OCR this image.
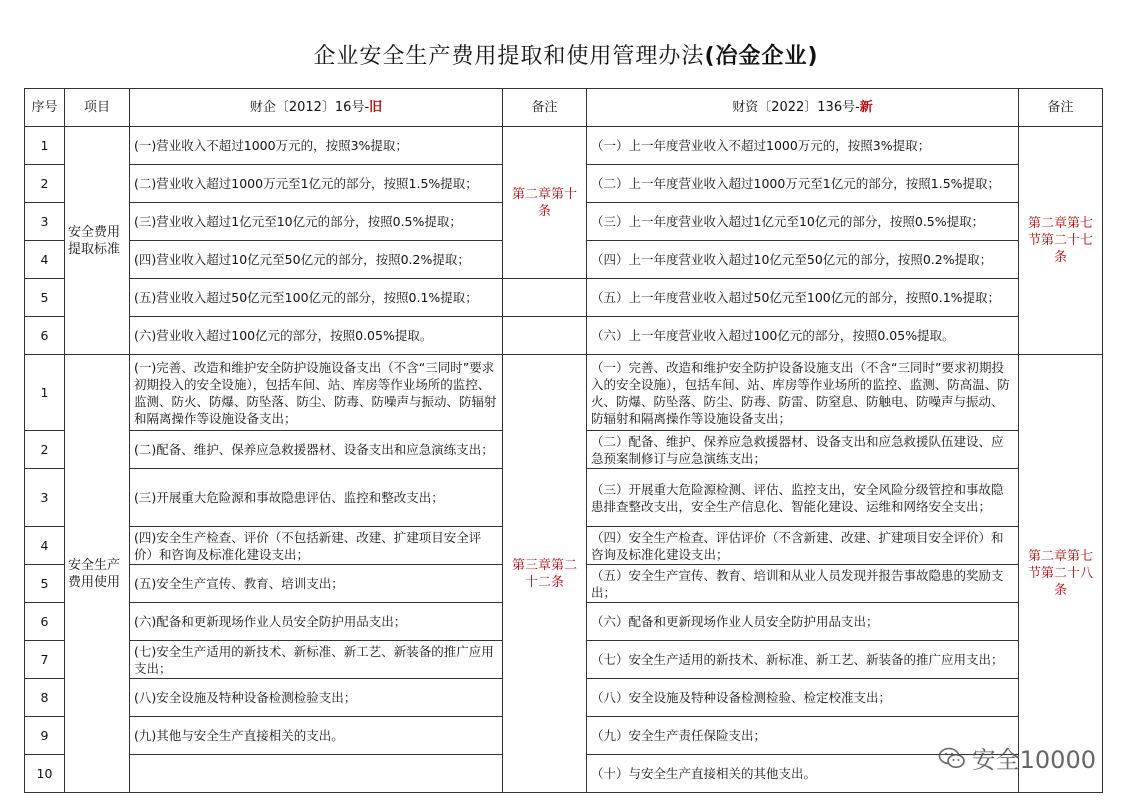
企业安全生产费用提取和使用管理办法(冶金企业)
序号	项目	财企〔2012〕16号-旧	备注	财资〔2022〕136号-新	备注
1	安全费用提取标准	(一)营业收入不超过1000万元的，按照3%提取；	第二章第十条	（一）上一年度营业收入不超过1000万元的，按照3%提取；	第二章第七节第二十七条
2		(二)营业收入超过1000万元至1亿元的部分，按照1.5%提取；		（二）上一年度营业收入超过1000万元至1亿元的部分，按照1.5%提取；	
3		(三)营业收入超过1亿元至10亿元的部分，按照0.5%提取；		（三）上一年度营业收入超过1亿元至10亿元的部分，按照0.5%提取；	
4		(四)营业收入超过10亿元至50亿元的部分，按照0.2%提取；		（四）上一年度营业收入超过10亿元至50亿元的部分，按照0.2%提取；	
5		(五)营业收入超过50亿元至100亿元的部分，按照0.1%提取；		（五）上一年度营业收入超过50亿元至100亿元的部分，按照0.1%提取；	
6		(六)营业收入超过100亿元的部分，按照0.05%提取。		（六）上一年度营业收入超过100亿元的部分，按照0.05%提取。	
1	安全生产费用使用	(一)完善、改造和维护安全防护设施设备支出（不含“三同时”要求初期投入的安全设施），包括车间、站、库房等作业场所的监控、监测、防火、防爆、防坠落、防尘、防毒、防噪声与振动、防辐射和隔离操作等设施设备支出；	第三章第二十二条	（一）完善、改造和维护安全防护设备设施支出（不含“三同时”要求初期投入的安全设施），包括车间、站、库房等作业场所的监控、监测、防高温、防火、防爆、防坠落、防尘、防毒、防雷、防窒息、防触电、防噪声与振动、防辐射和隔离操作等设施设备支出；	第二章第七节第二十八条
2		(二)配备、维护、保养应急救援器材、设备支出和应急演练支出；		（二）配备、维护、保养应急救援器材、设备支出和应急救援队伍建设、应急预案制修订与应急演练支出；	
3		(三)开展重大危险源和事故隐患评估、监控和整改支出；		（三）开展重大危险源检测、评估、监控支出，安全风险分级管控和事故隐患排查整改支出，安全生产信息化、智能化建设、运维和网络安全支出；	
4		(四)安全生产检查、评价（不包括新建、改建、扩建项目安全评价）和咨询及标准化建设支出；		（四）安全生产检查、评估评价（不含新建、改建、扩建项目安全评价）和咨询及标准化建设支出；	
5		(五)安全生产宣传、教育、培训支出；		（五）安全生产宣传、教育、培训和从业人员发现并报告事故隐患的奖励支出；	
6		(六)配备和更新现场作业人员安全防护用品支出；		（六）配备和更新现场作业人员安全防护用品支出；	
7		(七)安全生产适用的新技术、新标准、新工艺、新装备的推广应用支出；		（七）安全生产适用的新技术、新标准、新工艺、新装备的推广应用支出；	
8		(八)安全设施及特种设备检测检验支出；		（八）安全设施及特种设备检测检验、检定校准支出；	
9		(九)其他与安全生产直接相关的支出。		（九）安全生产责任保险支出；	
10				（十）与安全生产直接相关的其他支出。		安全10000
